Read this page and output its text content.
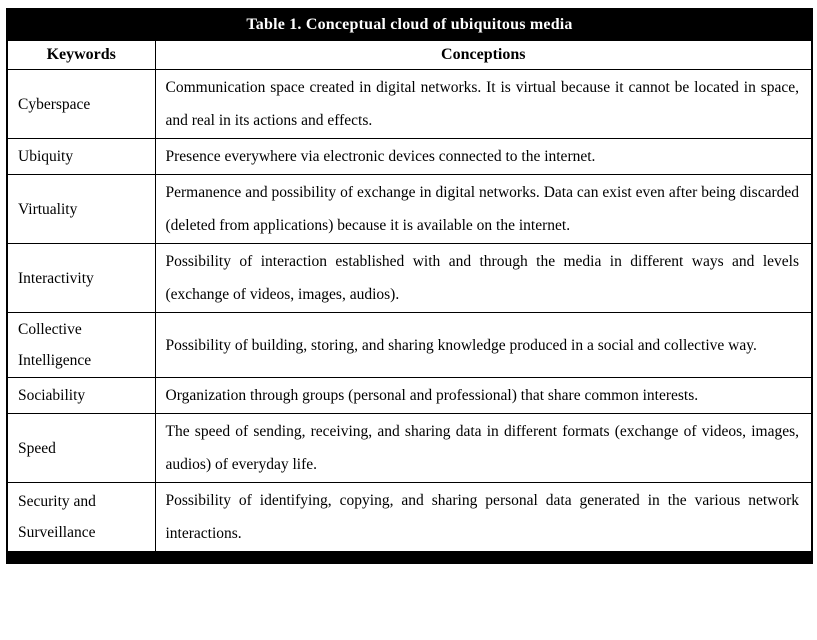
Table 1. Conceptual cloud of ubiquitous media	
Keywords	Conceptions
Cyberspace	Communication space created in digital networks. It is virtual because it cannot be located in space, and real in its actions and effects.
Ubiquity	Presence everywhere via electronic devices connected to the internet.
Virtuality	Permanence and possibility of exchange in digital networks. Data can exist even after being discarded (deleted from applications) because it is available on the internet.
Interactivity	Possibility of interaction established with and through the media in different ways and levels (exchange of videos, images, audios).
Collective Intelligence	Possibility of building, storing, and sharing knowledge produced in a social and collective way.
Sociability	Organization through groups (personal and professional) that share common interests.
Speed	The speed of sending, receiving, and sharing data in different formats (exchange of videos, images, audios) of everyday life.
Security and Surveillance	Possibility of identifying, copying, and sharing personal data generated in the various network interactions.
